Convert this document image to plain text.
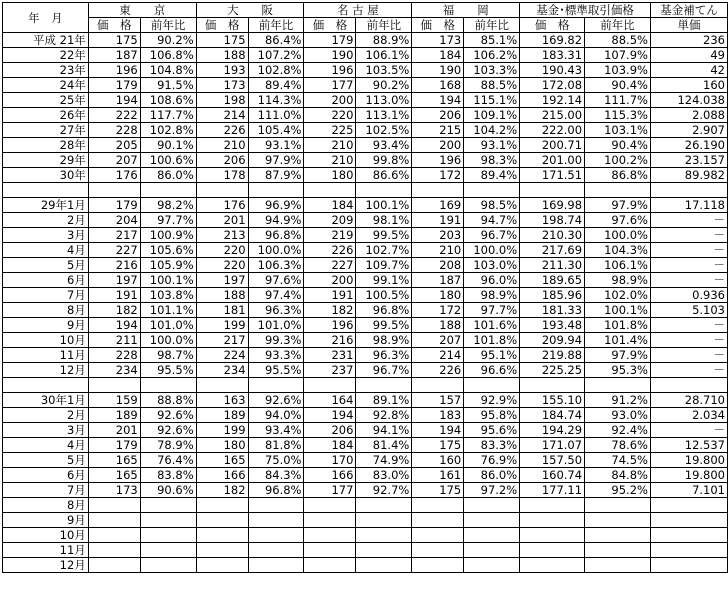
年　月	東　　京		大　　阪		名 古 屋		福　　岡		基金･標準取引価格		基金補てん
	価　格	前年比	価　格	前年比	価　格	前年比	価　格	前年比	価　格	前年比	単価
平成 21年	175	90.2%	175	86.4%	179	88.9%	173	85.1%	169.82	88.5%	236
22年	187	106.8%	188	107.2%	190	106.1%	184	106.2%	183.31	107.9%	49
23年	196	104.8%	193	102.8%	196	103.5%	190	103.3%	190.43	103.9%	42
24年	179	91.5%	173	89.4%	177	90.2%	168	88.5%	172.08	90.4%	160
25年	194	108.6%	198	114.3%	200	113.0%	194	115.1%	192.14	111.7%	124.038
26年	222	117.7%	214	111.0%	220	113.1%	206	109.1%	215.00	115.3%	2.088
27年	228	102.8%	226	105.4%	225	102.5%	215	104.2%	222.00	103.1%	2.907
28年	205	90.1%	210	93.1%	210	93.4%	200	93.1%	200.71	90.4%	26.190
29年	207	100.6%	206	97.9%	210	99.8%	196	98.3%	201.00	100.2%	23.157
30年	176	86.0%	178	87.9%	180	86.6%	172	89.4%	171.51	86.8%	89.982

29年1月	179	98.2%	176	96.9%	184	100.1%	169	98.5%	169.98	97.9%	17.118
2月	204	97.7%	201	94.9%	209	98.1%	191	94.7%	198.74	97.6%	－
3月	217	100.9%	213	96.8%	219	99.5%	203	96.7%	210.30	100.0%	－
4月	227	105.6%	220	100.0%	226	102.7%	210	100.0%	217.69	104.3%	－
5月	216	105.9%	220	106.3%	227	109.7%	208	103.0%	211.30	106.1%	－
6月	197	100.1%	197	97.6%	200	99.1%	187	96.0%	189.65	98.9%	－
7月	191	103.8%	188	97.4%	191	100.5%	180	98.9%	185.96	102.0%	0.936
8月	182	101.1%	181	96.3%	182	96.8%	172	97.7%	181.33	100.1%	5.103
9月	194	101.0%	199	101.0%	196	99.5%	188	101.6%	193.48	101.8%	－
10月	211	100.0%	217	99.3%	216	98.9%	207	101.8%	209.94	101.4%	－
11月	228	98.7%	224	93.3%	231	96.3%	214	95.1%	219.88	97.9%	－
12月	234	95.5%	234	95.5%	237	96.7%	226	96.6%	225.25	95.3%	－

30年1月	159	88.8%	163	92.6%	164	89.1%	157	92.9%	155.10	91.2%	28.710
2月	189	92.6%	189	94.0%	194	92.8%	183	95.8%	184.74	93.0%	2.034
3月	201	92.6%	199	93.4%	206	94.1%	194	95.6%	194.29	92.4%	－
4月	179	78.9%	180	81.8%	184	81.4%	175	83.3%	171.07	78.6%	12.537
5月	165	76.4%	165	75.0%	170	74.9%	160	76.9%	157.50	74.5%	19.800
6月	165	83.8%	166	84.3%	166	83.0%	161	86.0%	160.74	84.8%	19.800
7月	173	90.6%	182	96.8%	177	92.7%	175	97.2%	177.11	95.2%	7.101
8月											
9月											
10月											
11月											
12月											
